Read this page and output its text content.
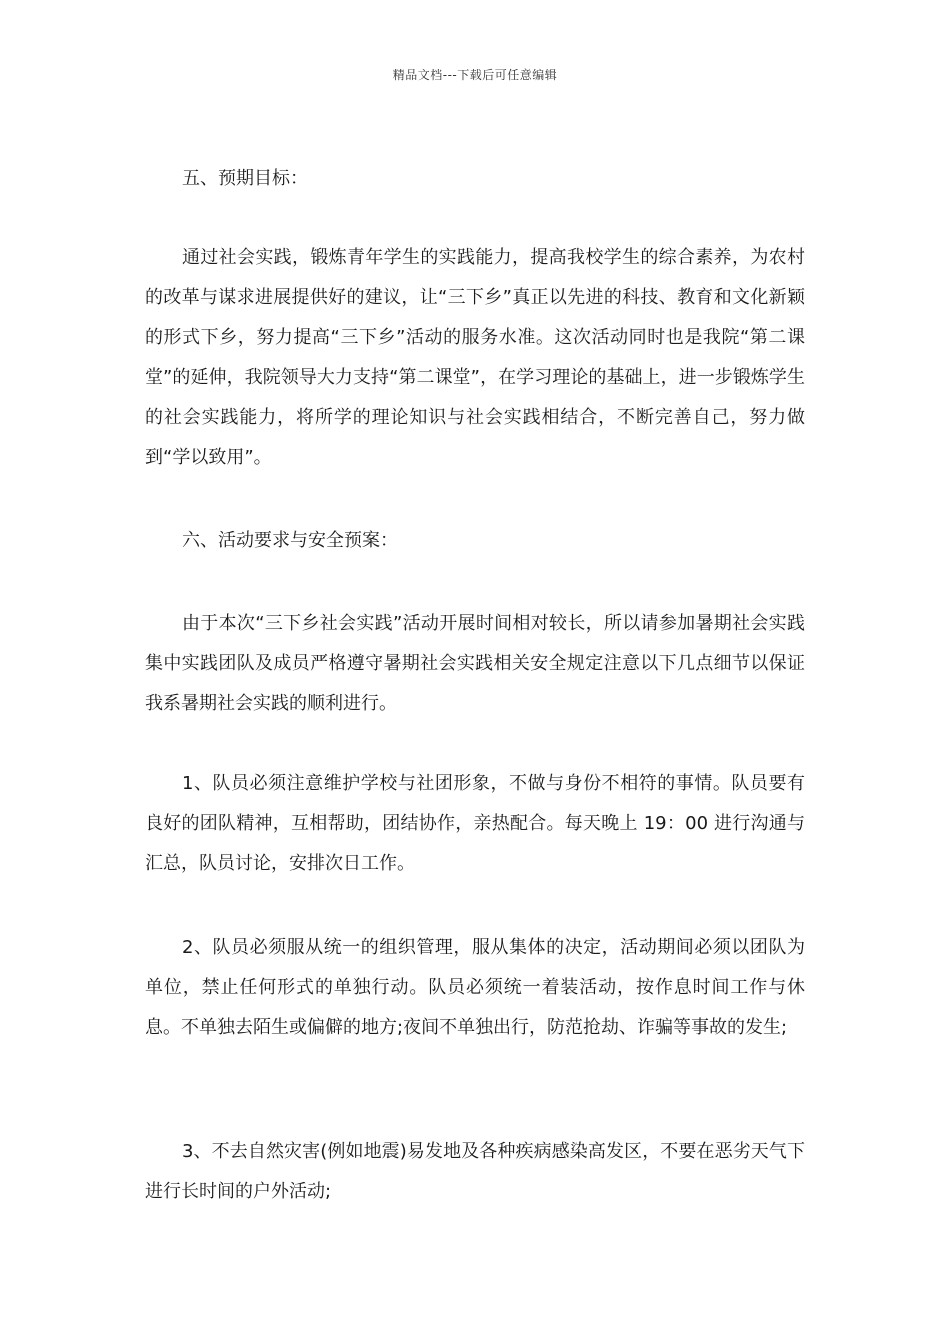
精品文档---下载后可任意编辑

五、预期目标：

通过社会实践，锻炼青年学生的实践能力，提高我校学生的综合素养，为农村的改革与谋求进展提供好的建议，让“三下乡”真正以先进的科技、教育和文化新颖的形式下乡，努力提高“三下乡”活动的服务水准。这次活动同时也是我院“第二课堂”的延伸，我院领导大力支持“第二课堂”，在学习理论的基础上，进一步锻炼学生的社会实践能力，将所学的理论知识与社会实践相结合，不断完善自己，努力做到“学以致用”。

六、活动要求与安全预案：

由于本次“三下乡社会实践”活动开展时间相对较长，所以请参加暑期社会实践集中实践团队及成员严格遵守暑期社会实践相关安全规定注意以下几点细节以保证我系暑期社会实践的顺利进行。

1、队员必须注意维护学校与社团形象，不做与身份不相符的事情。队员要有良好的团队精神，互相帮助，团结协作，亲热配合。每天晚上 19：00 进行沟通与汇总，队员讨论，安排次日工作。

2、队员必须服从统一的组织管理，服从集体的决定，活动期间必须以团队为单位，禁止任何形式的单独行动。队员必须统一着装活动，按作息时间工作与休息。不单独去陌生或偏僻的地方;夜间不单独出行，防范抢劫、诈骗等事故的发生;

3、不去自然灾害(例如地震)易发地及各种疾病感染高发区，不要在恶劣天气下进行长时间的户外活动;
